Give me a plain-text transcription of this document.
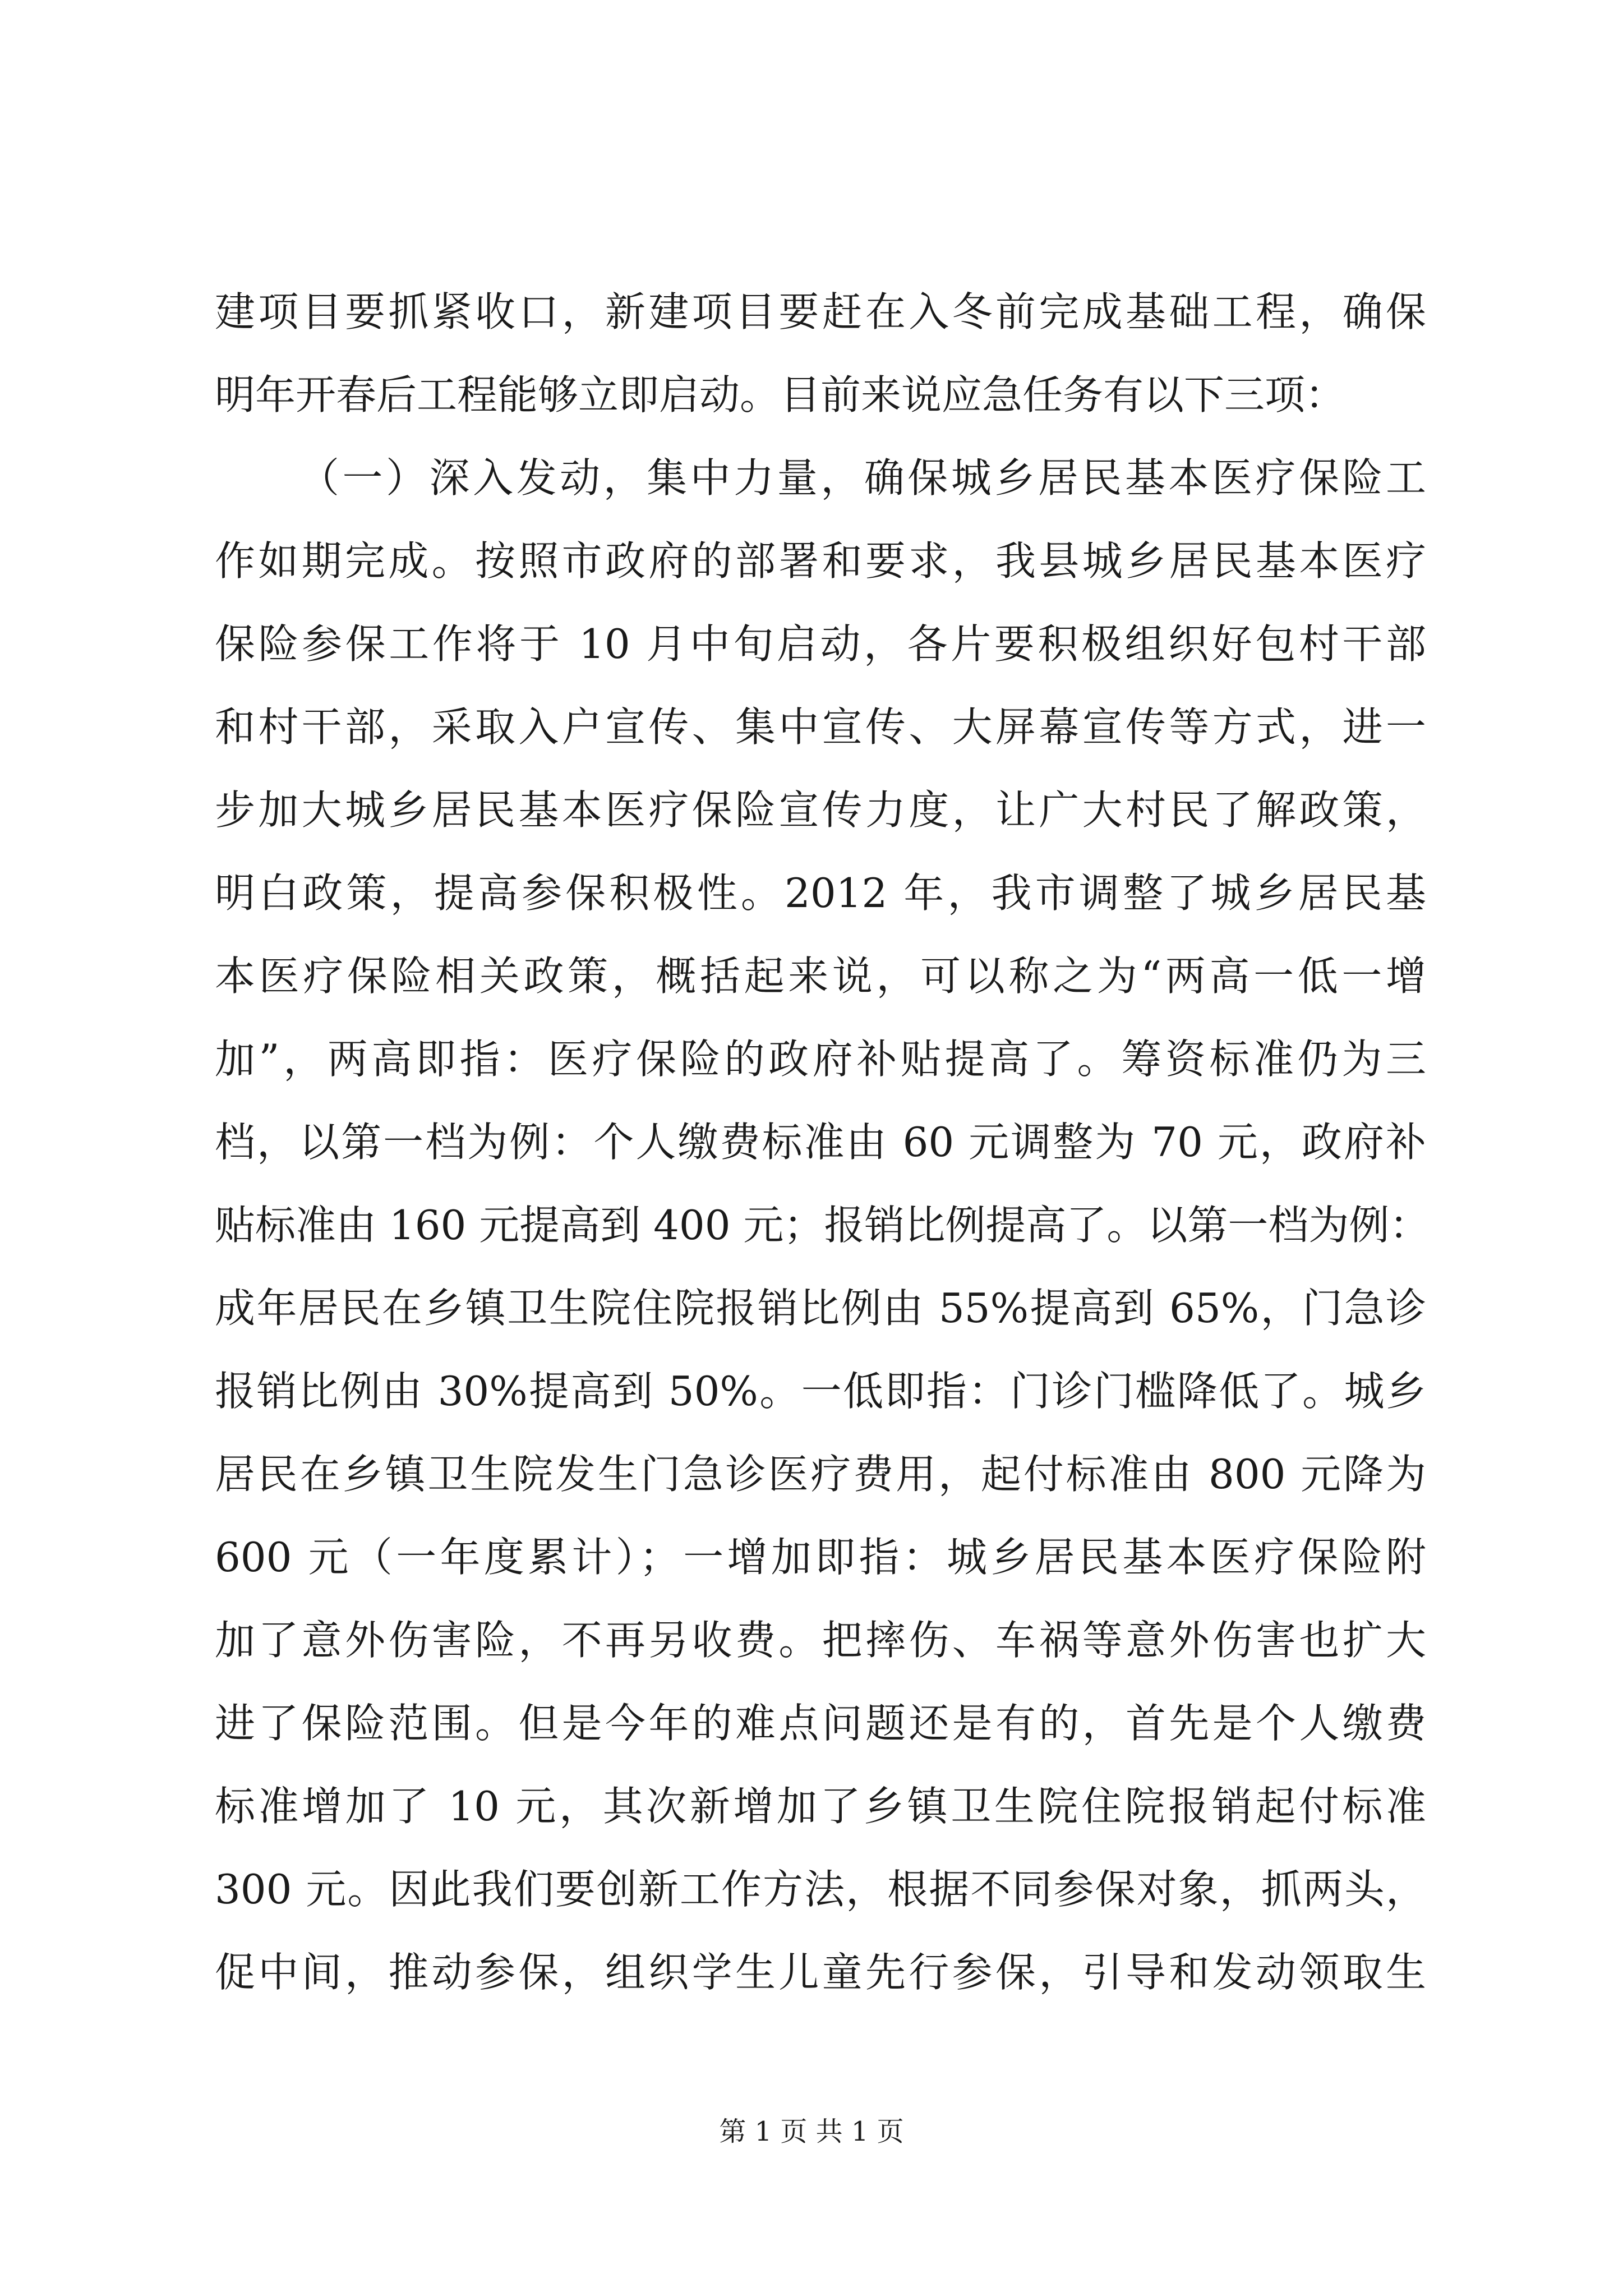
建项目要抓紧收口，新建项目要赶在入冬前完成基础工程，确保
明年开春后工程能够立即启动。目前来说应急任务有以下三项：
（一）深入发动，集中力量，确保城乡居民基本医疗保险工
作如期完成。按照市政府的部署和要求，我县城乡居民基本医疗
保险参保工作将于 10 月中旬启动，各片要积极组织好包村干部
和村干部，采取入户宣传、集中宣传、大屏幕宣传等方式，进一
步加大城乡居民基本医疗保险宣传力度，让广大村民了解政策，
明白政策，提高参保积极性。2012 年，我市调整了城乡居民基
本医疗保险相关政策，概括起来说，可以称之为“两高一低一增
加”，两高即指：医疗保险的政府补贴提高了。筹资标准仍为三
档，以第一档为例：个人缴费标准由 60 元调整为 70 元，政府补
贴标准由 160 元提高到 400 元；报销比例提高了。以第一档为例：
成年居民在乡镇卫生院住院报销比例由 55%提高到 65%，门急诊
报销比例由 30%提高到 50%。一低即指：门诊门槛降低了。城乡
居民在乡镇卫生院发生门急诊医疗费用，起付标准由 800 元降为
600 元（一年度累计）；一增加即指：城乡居民基本医疗保险附
加了意外伤害险，不再另收费。把摔伤、车祸等意外伤害也扩大
进了保险范围。但是今年的难点问题还是有的，首先是个人缴费
标准增加了 10 元，其次新增加了乡镇卫生院住院报销起付标准
300 元。因此我们要创新工作方法，根据不同参保对象，抓两头，
促中间，推动参保，组织学生儿童先行参保，引导和发动领取生
第 1 页 共 1 页
